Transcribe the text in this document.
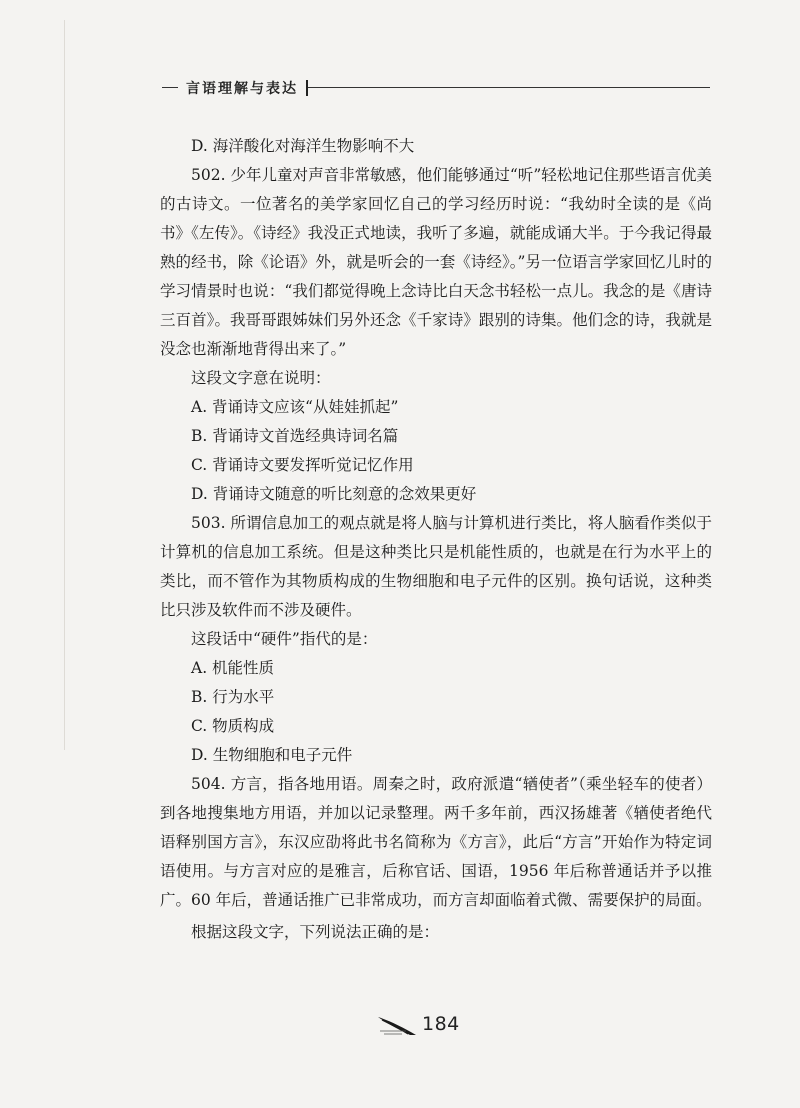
言语理解与表达

D. 海洋酸化对海洋生物影响不大

502. 少年儿童对声音非常敏感，他们能够通过“听”轻松地记住那些语言优美的古诗文。一位著名的美学家回忆自己的学习经历时说：“我幼时全读的是《尚书》《左传》。《诗经》我没正式地读，我听了多遍，就能成诵大半。于今我记得最熟的经书，除《论语》外，就是听会的一套《诗经》。”另一位语言学家回忆儿时的学习情景时也说：“我们都觉得晚上念诗比白天念书轻松一点儿。我念的是《唐诗三百首》。我哥哥跟姊妹们另外还念《千家诗》跟别的诗集。他们念的诗，我就是没念也渐渐地背得出来了。”

这段文字意在说明：

A. 背诵诗文应该“从娃娃抓起”

B. 背诵诗文首选经典诗词名篇

C. 背诵诗文要发挥听觉记忆作用

D. 背诵诗文随意的听比刻意的念效果更好

503. 所谓信息加工的观点就是将人脑与计算机进行类比，将人脑看作类似于计算机的信息加工系统。但是这种类比只是机能性质的，也就是在行为水平上的类比，而不管作为其物质构成的生物细胞和电子元件的区别。换句话说，这种类比只涉及软件而不涉及硬件。

这段话中“硬件”指代的是：

A. 机能性质

B. 行为水平

C. 物质构成

D. 生物细胞和电子元件

504. 方言，指各地用语。周秦之时，政府派遣“𬨎使者”（乘坐轻车的使者）到各地搜集地方用语，并加以记录整理。两千多年前，西汉扬雄著《𬨎使者绝代语释别国方言》，东汉应劭将此书名简称为《方言》，此后“方言”开始作为特定词语使用。与方言对应的是雅言，后称官话、国语，1956 年后称普通话并予以推广。60 年后，普通话推广已非常成功，而方言却面临着式微、需要保护的局面。

根据这段文字，下列说法正确的是：

184
